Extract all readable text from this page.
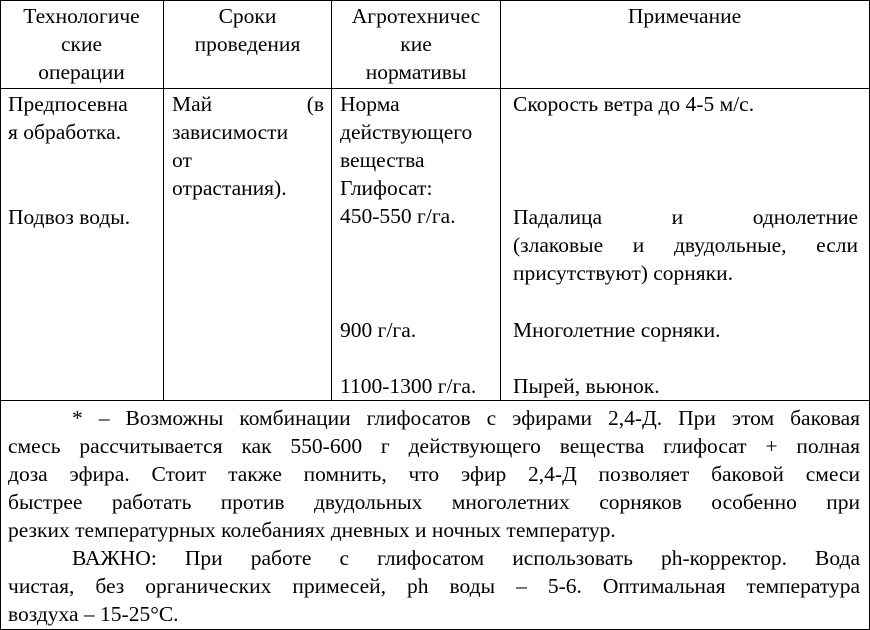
Технологиче
ские
операции
Сроки
проведения
Агротехничес
кие
нормативы
Примечание
Предпосевна
я обработка.
Подвоз воды.
Май	(в
зависимости
от
отрастания).
Норма
действующего
вещества
Глифосат:
450-550 г/га.
900 г/га.
1100-1300 г/га.
Скорость ветра до 4-5 м/с.
Падалица и однолетние
(злаковые и двудольные, если
присутствуют) сорняки.
Многолетние сорняки.
Пырей, вьюнок.
* – Возможны комбинации глифосатов с эфирами 2,4-Д. При этом баковая
смесь рассчитывается как 550-600 г действующего вещества глифосат + полная
доза эфира. Стоит также помнить, что эфир 2,4-Д позволяет баковой смеси
быстрее работать против двудольных многолетних сорняков особенно при
резких температурных колебаниях дневных и ночных температур.
ВАЖНО: При работе с глифосатом использовать ph-корректор. Вода
чистая, без органических примесей, ph воды – 5-6. Оптимальная температура
воздуха – 15-25°С.
